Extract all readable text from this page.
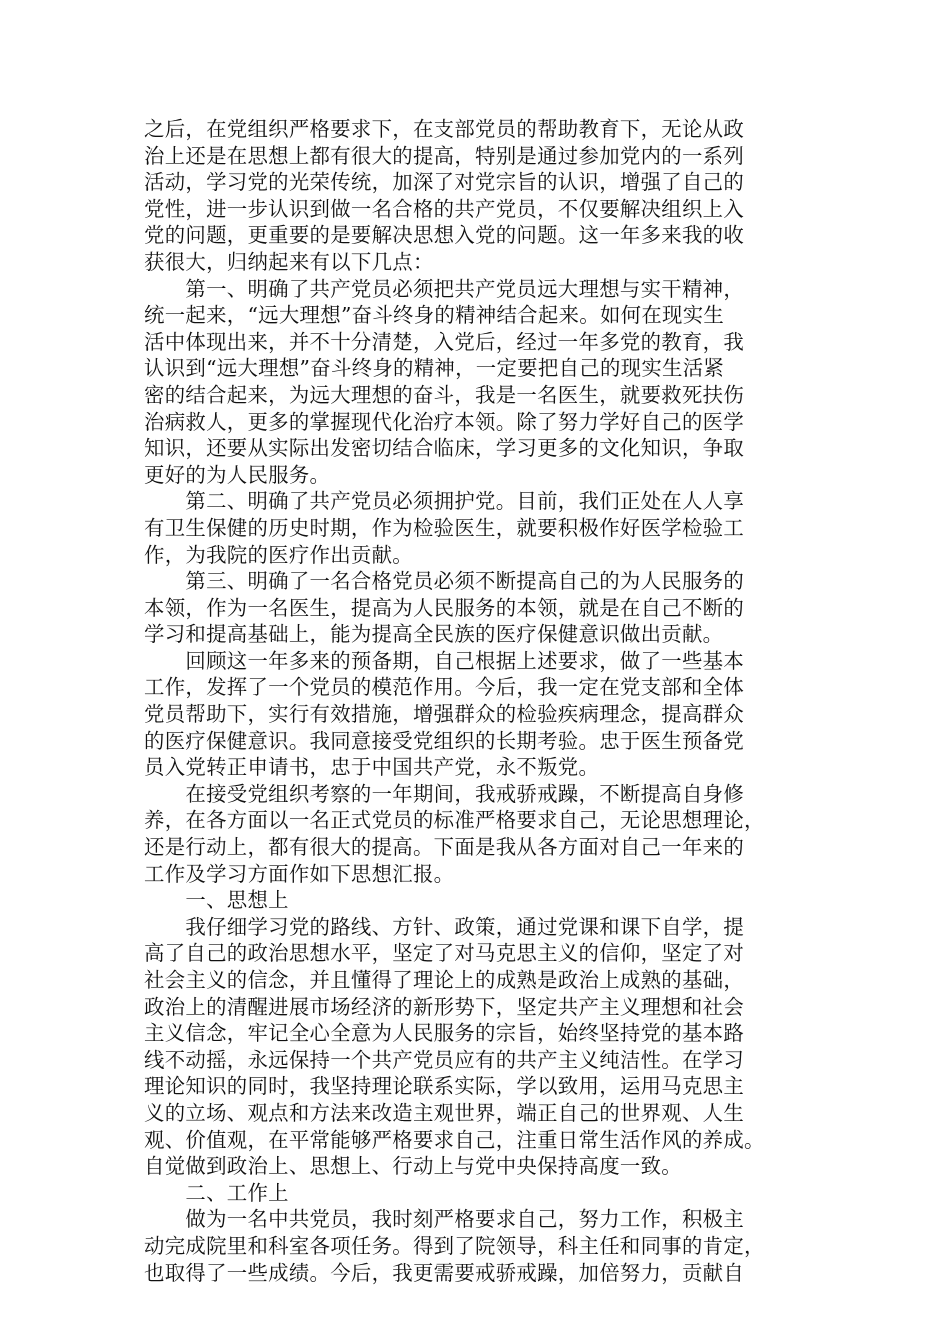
之后，在党组织严格要求下，在支部党员的帮助教育下，无论从政
治上还是在思想上都有很大的提高，特别是通过参加党内的一系列
活动，学习党的光荣传统，加深了对党宗旨的认识，增强了自己的
党性，进一步认识到做一名合格的共产党员，不仅要解决组织上入
党的问题，更重要的是要解决思想入党的问题。这一年多来我的收
获很大，归纳起来有以下几点：
　　第一、明确了共产党员必须把共产党员远大理想与实干精神，
统一起来，“远大理想”奋斗终身的精神结合起来。如何在现实生
活中体现出来，并不十分清楚，入党后，经过一年多党的教育，我
认识到“远大理想”奋斗终身的精神，一定要把自己的现实生活紧
密的结合起来，为远大理想的奋斗，我是一名医生，就要救死扶伤
治病救人，更多的掌握现代化治疗本领。除了努力学好自己的医学
知识，还要从实际出发密切结合临床，学习更多的文化知识，争取
更好的为人民服务。
　　第二、明确了共产党员必须拥护党。目前，我们正处在人人享
有卫生保健的历史时期，作为检验医生，就要积极作好医学检验工
作，为我院的医疗作出贡献。
　　第三、明确了一名合格党员必须不断提高自己的为人民服务的
本领，作为一名医生，提高为人民服务的本领，就是在自己不断的
学习和提高基础上，能为提高全民族的医疗保健意识做出贡献。
　　回顾这一年多来的预备期，自己根据上述要求，做了一些基本
工作，发挥了一个党员的模范作用。今后，我一定在党支部和全体
党员帮助下，实行有效措施，增强群众的检验疾病理念，提高群众
的医疗保健意识。我同意接受党组织的长期考验。忠于医生预备党
员入党转正申请书，忠于中国共产党，永不叛党。
　　在接受党组织考察的一年期间，我戒骄戒躁，不断提高自身修
养，在各方面以一名正式党员的标准严格要求自己，无论思想理论，
还是行动上，都有很大的提高。下面是我从各方面对自己一年来的
工作及学习方面作如下思想汇报。
　　一、思想上
　　我仔细学习党的路线、方针、政策，通过党课和课下自学，提
高了自己的政治思想水平，坚定了对马克思主义的信仰，坚定了对
社会主义的信念，并且懂得了理论上的成熟是政治上成熟的基础，
政治上的清醒进展市场经济的新形势下，坚定共产主义理想和社会
主义信念，牢记全心全意为人民服务的宗旨，始终坚持党的基本路
线不动摇，永远保持一个共产党员应有的共产主义纯洁性。在学习
理论知识的同时，我坚持理论联系实际，学以致用，运用马克思主
义的立场、观点和方法来改造主观世界，端正自己的世界观、人生
观、价值观，在平常能够严格要求自己，注重日常生活作风的养成。
自觉做到政治上、思想上、行动上与党中央保持高度一致。
　　二、工作上
　　做为一名中共党员，我时刻严格要求自己，努力工作，积极主
动完成院里和科室各项任务。得到了院领导，科主任和同事的肯定，
也取得了一些成绩。今后，我更需要戒骄戒躁，加倍努力，贡献自
